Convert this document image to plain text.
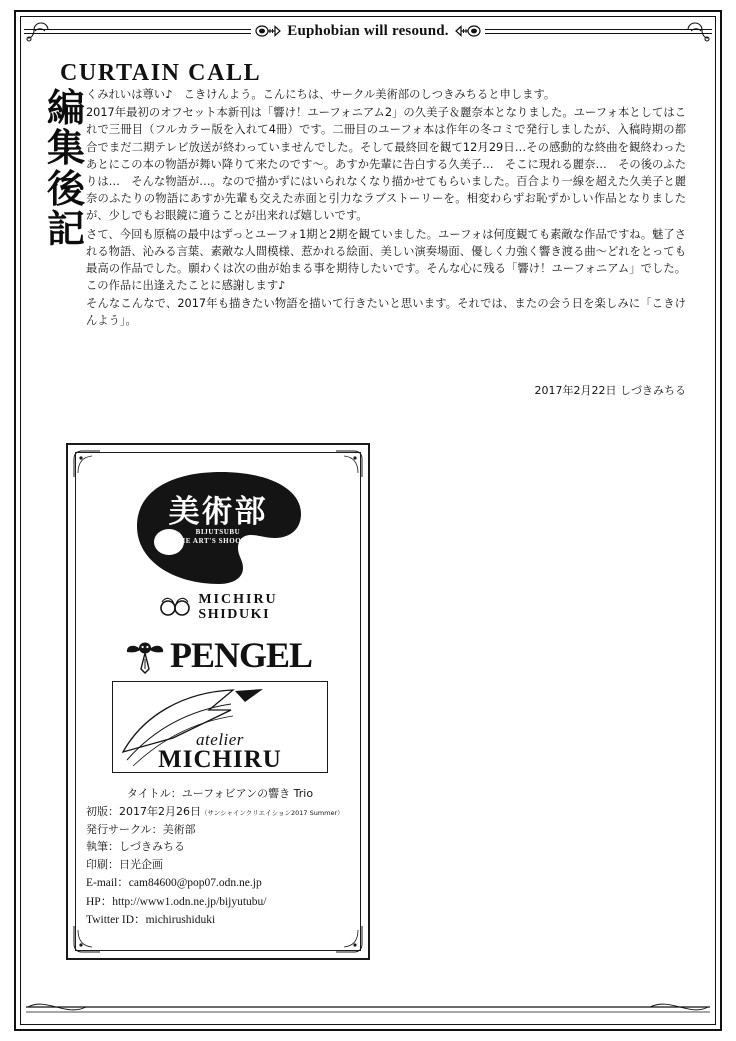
Euphobian will resound.
CURTAIN CALL
編
集
後
記

くみれいは尊い♪　こきけんよう。こんにちは、サークル美術部のしつきみちると申します。

2017年最初のオフセット本新刊は「響け！ユーフォニアム2」の久美子＆麗奈本となりました。ユーフォ本としてはこれで三冊目（フルカラー版を入れて4冊）です。二冊目のユーフォ本は作年の冬コミで発行しましたが、入稿時期の都合でまだ二期テレビ放送が終わっていませんでした。そして最終回を観て12月29日…その感動的な終曲を観終わったあとにこの本の物語が舞い降りて来たのです～。あすか先輩に告白する久美子…　そこに現れる麗奈…　その後のふたりは…　そんな物語が…。なので描かずにはいられなくなり描かせてもらいました。百合より一線を超えた久美子と麗奈のふたりの物語にあすか先輩も交えた赤面と引力なラブストーリーを。相変わらずお恥ずかしい作品となりましたが、少しでもお眼鏡に適うことが出来れば嬉しいです。

さて、今回も原稿の最中はずっとユーフォ1期と2期を観ていました。ユーフォは何度観ても素敵な作品ですね。魅了される物語、沁みる言葉、素敵な人間模様、惹かれる絵面、美しい演奏場面、優しく力強く響き渡る曲～どれをとっても最高の作品でした。願わくは次の曲が始まる事を期待したいです。そんな心に残る「響け！ユーフォニアム」でした。この作品に出逢えたことに感謝します♪

そんなこんなで、2017年も描きたい物語を描いて行きたいと思います。それでは、またの会う日を楽しみに「こきけんよう」。

2017年2月22日 しづきみちる
美術部
BIJUTSUBU
THE ART'S SHOOTING
MICHIRU
SHIDUKI
PENGEL
atelier
MICHIRU
タイトル：ユーフォビアンの響き Trio
初版：2017年2月26日（サンシャインクリエイション2017 Summer）
発行サークル：美術部
執筆：しづきみちる
印刷：日光企画
E-mail：cam84600@pop07.odn.ne.jp
HP：http://www1.odn.ne.jp/bijyutubu/
Twitter ID：michirushiduki
